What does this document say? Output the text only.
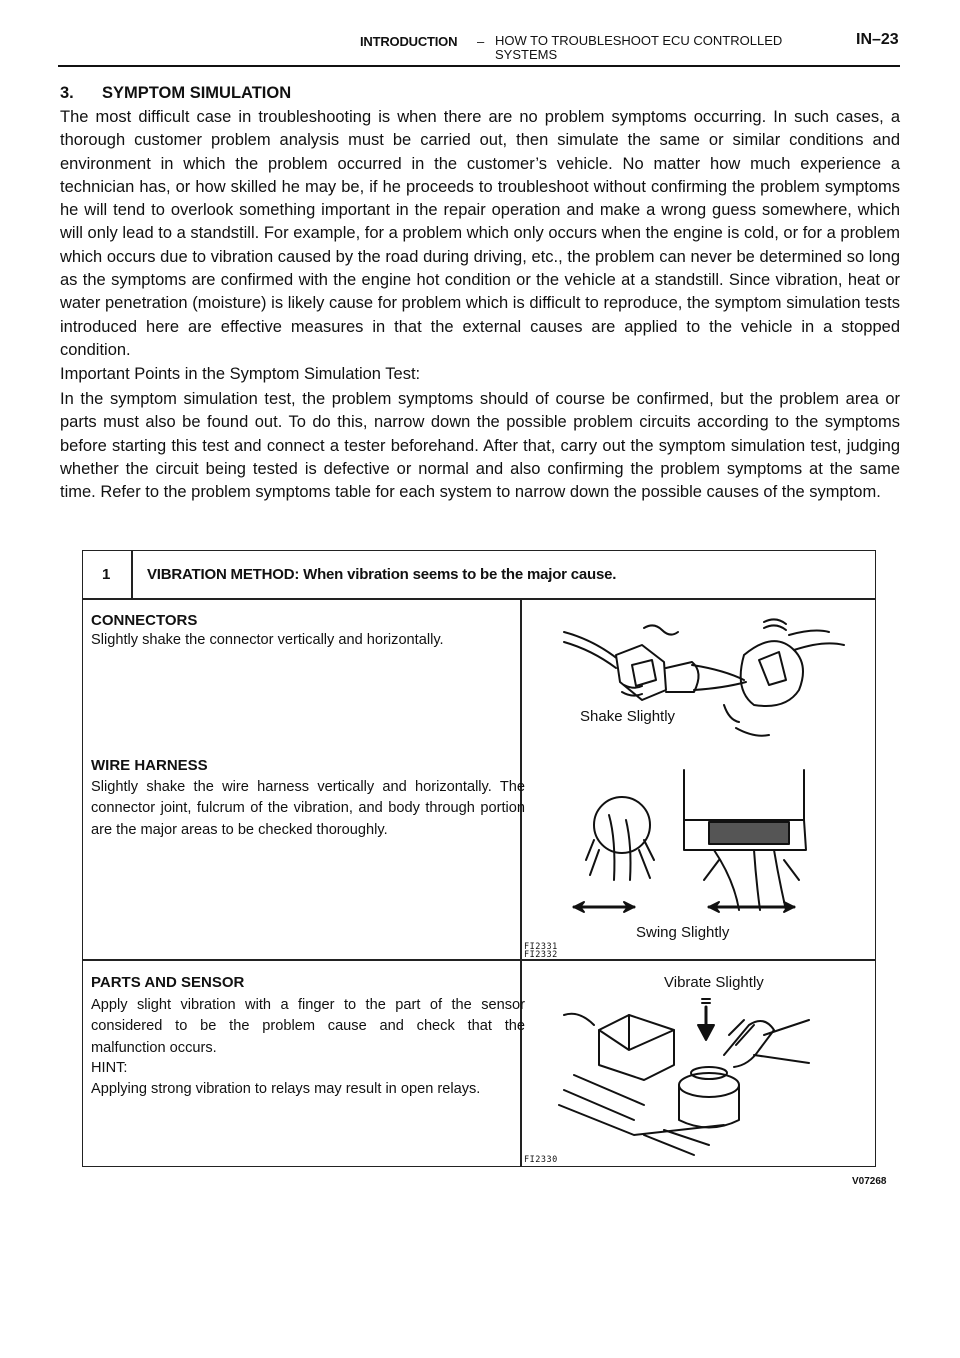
INTRODUCTION – HOW TO TROUBLESHOOT ECU CONTROLLED SYSTEMS
IN–23
3. SYMPTOM SIMULATION
The most difficult case in troubleshooting is when there are no problem symptoms occurring. In such cases, a thorough customer problem analysis must be carried out, then simulate the same or similar conditions and environment in which the problem occurred in the customer’s vehicle. No matter how much experience a technician has, or how skilled he may be, if he proceeds to troubleshoot without confirming the problem symptoms he will tend to overlook something important in the repair operation and make a wrong guess somewhere, which will only lead to a standstill. For example, for a problem which only occurs when the engine is cold, or for a problem which occurs due to vibration caused by the road during driving, etc., the problem can never be determined so long as the symptoms are confirmed with the engine hot condition or the vehicle at a standstill. Since vibration, heat or water penetration (moisture) is likely cause for problem which is difficult to reproduce, the symptom simulation tests introduced here are effective measures in that the external causes are applied to the vehicle in a stopped condition.
Important Points in the Symptom Simulation Test:
In the symptom simulation test, the problem symptoms should of course be confirmed, but the problem area or parts must also be found out. To do this, narrow down the possible problem circuits according to the symptoms before starting this test and connect a tester beforehand. After that, carry out the symptom simulation test, judging whether the circuit being tested is defective or normal and also confirming the problem symptoms at the same time. Refer to the problem symptoms table for each system to narrow down the possible causes of the symptom.
1 VIBRATION METHOD: When vibration seems to be the major cause.
CONNECTORS
Slightly shake the connector vertically and horizontally.
WIRE HARNESS
Slightly shake the wire harness vertically and horizontally. The connector joint, fulcrum of the vibration, and body through portion are the major areas to be checked thoroughly.
PARTS AND SENSOR
Apply slight vibration with a finger to the part of the sensor considered to be the problem cause and check that the malfunction occurs.
HINT:
Applying strong vibration to relays may result in open relays.
Shake Slightly
Swing Slightly
FI2331
FI2332
Vibrate Slightly
FI2330
V07268
